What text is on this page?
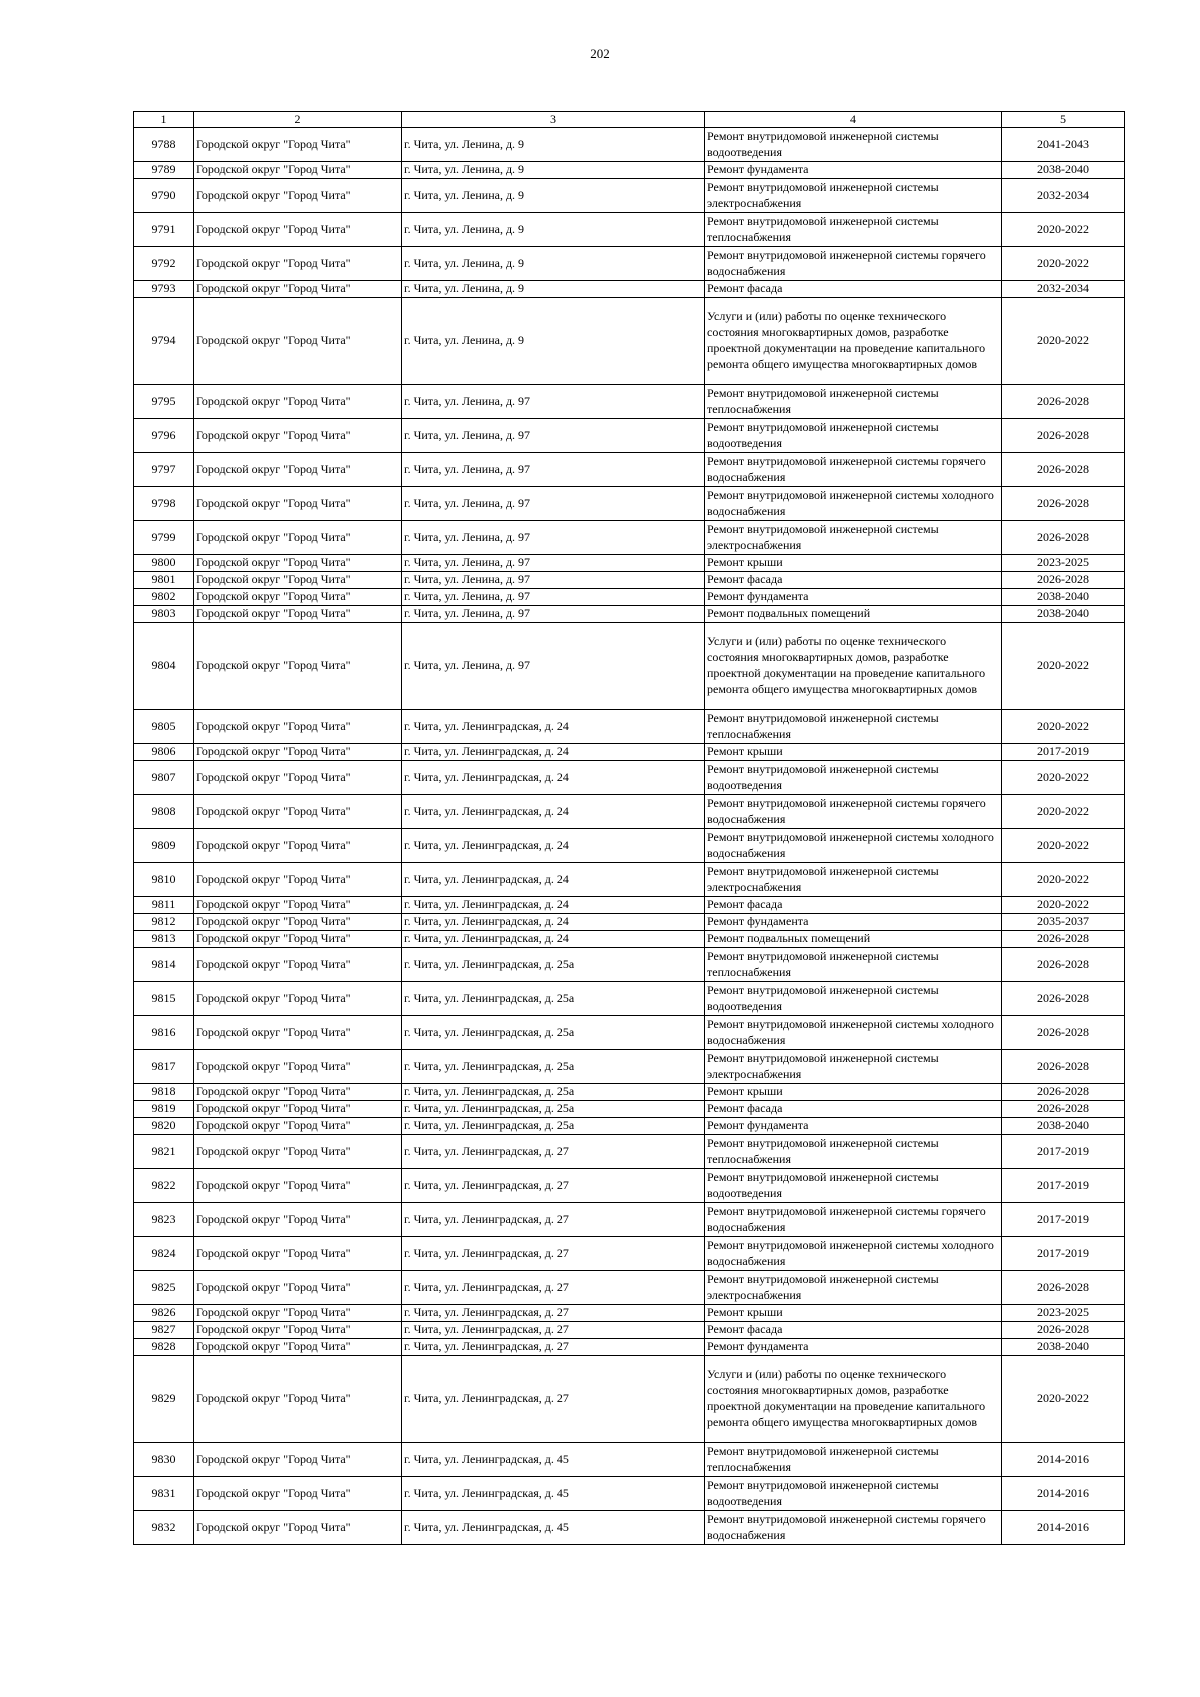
202
1	2	3	4	5
9788	Городской округ "Город Чита"	г. Чита, ул. Ленина, д. 9	Ремонт внутридомовой инженерной системы водоотведения	2041-2043
9789	Городской округ "Город Чита"	г. Чита, ул. Ленина, д. 9	Ремонт фундамента	2038-2040
9790	Городской округ "Город Чита"	г. Чита, ул. Ленина, д. 9	Ремонт внутридомовой инженерной системы электроснабжения	2032-2034
9791	Городской округ "Город Чита"	г. Чита, ул. Ленина, д. 9	Ремонт внутридомовой инженерной системы теплоснабжения	2020-2022
9792	Городской округ "Город Чита"	г. Чита, ул. Ленина, д. 9	Ремонт внутридомовой инженерной системы горячего водоснабжения	2020-2022
9793	Городской округ "Город Чита"	г. Чита, ул. Ленина, д. 9	Ремонт фасада	2032-2034
9794	Городской округ "Город Чита"	г. Чита, ул. Ленина, д. 9	Услуги и (или) работы по оценке технического состояния многоквартирных домов, разработке проектной документации на проведение капитального ремонта общего имущества многоквартирных домов	2020-2022
9795	Городской округ "Город Чита"	г. Чита, ул. Ленина, д. 97	Ремонт внутридомовой инженерной системы теплоснабжения	2026-2028
9796	Городской округ "Город Чита"	г. Чита, ул. Ленина, д. 97	Ремонт внутридомовой инженерной системы водоотведения	2026-2028
9797	Городской округ "Город Чита"	г. Чита, ул. Ленина, д. 97	Ремонт внутридомовой инженерной системы горячего водоснабжения	2026-2028
9798	Городской округ "Город Чита"	г. Чита, ул. Ленина, д. 97	Ремонт внутридомовой инженерной системы холодного водоснабжения	2026-2028
9799	Городской округ "Город Чита"	г. Чита, ул. Ленина, д. 97	Ремонт внутридомовой инженерной системы электроснабжения	2026-2028
9800	Городской округ "Город Чита"	г. Чита, ул. Ленина, д. 97	Ремонт крыши	2023-2025
9801	Городской округ "Город Чита"	г. Чита, ул. Ленина, д. 97	Ремонт фасада	2026-2028
9802	Городской округ "Город Чита"	г. Чита, ул. Ленина, д. 97	Ремонт фундамента	2038-2040
9803	Городской округ "Город Чита"	г. Чита, ул. Ленина, д. 97	Ремонт подвальных помещений	2038-2040
9804	Городской округ "Город Чита"	г. Чита, ул. Ленина, д. 97	Услуги и (или) работы по оценке технического состояния многоквартирных домов, разработке проектной документации на проведение капитального ремонта общего имущества многоквартирных домов	2020-2022
9805	Городской округ "Город Чита"	г. Чита, ул. Ленинградская, д. 24	Ремонт внутридомовой инженерной системы теплоснабжения	2020-2022
9806	Городской округ "Город Чита"	г. Чита, ул. Ленинградская, д. 24	Ремонт крыши	2017-2019
9807	Городской округ "Город Чита"	г. Чита, ул. Ленинградская, д. 24	Ремонт внутридомовой инженерной системы водоотведения	2020-2022
9808	Городской округ "Город Чита"	г. Чита, ул. Ленинградская, д. 24	Ремонт внутридомовой инженерной системы горячего водоснабжения	2020-2022
9809	Городской округ "Город Чита"	г. Чита, ул. Ленинградская, д. 24	Ремонт внутридомовой инженерной системы холодного водоснабжения	2020-2022
9810	Городской округ "Город Чита"	г. Чита, ул. Ленинградская, д. 24	Ремонт внутридомовой инженерной системы электроснабжения	2020-2022
9811	Городской округ "Город Чита"	г. Чита, ул. Ленинградская, д. 24	Ремонт фасада	2020-2022
9812	Городской округ "Город Чита"	г. Чита, ул. Ленинградская, д. 24	Ремонт фундамента	2035-2037
9813	Городской округ "Город Чита"	г. Чита, ул. Ленинградская, д. 24	Ремонт подвальных помещений	2026-2028
9814	Городской округ "Город Чита"	г. Чита, ул. Ленинградская, д. 25а	Ремонт внутридомовой инженерной системы теплоснабжения	2026-2028
9815	Городской округ "Город Чита"	г. Чита, ул. Ленинградская, д. 25а	Ремонт внутридомовой инженерной системы водоотведения	2026-2028
9816	Городской округ "Город Чита"	г. Чита, ул. Ленинградская, д. 25а	Ремонт внутридомовой инженерной системы холодного водоснабжения	2026-2028
9817	Городской округ "Город Чита"	г. Чита, ул. Ленинградская, д. 25а	Ремонт внутридомовой инженерной системы электроснабжения	2026-2028
9818	Городской округ "Город Чита"	г. Чита, ул. Ленинградская, д. 25а	Ремонт крыши	2026-2028
9819	Городской округ "Город Чита"	г. Чита, ул. Ленинградская, д. 25а	Ремонт фасада	2026-2028
9820	Городской округ "Город Чита"	г. Чита, ул. Ленинградская, д. 25а	Ремонт фундамента	2038-2040
9821	Городской округ "Город Чита"	г. Чита, ул. Ленинградская, д. 27	Ремонт внутридомовой инженерной системы теплоснабжения	2017-2019
9822	Городской округ "Город Чита"	г. Чита, ул. Ленинградская, д. 27	Ремонт внутридомовой инженерной системы водоотведения	2017-2019
9823	Городской округ "Город Чита"	г. Чита, ул. Ленинградская, д. 27	Ремонт внутридомовой инженерной системы горячего водоснабжения	2017-2019
9824	Городской округ "Город Чита"	г. Чита, ул. Ленинградская, д. 27	Ремонт внутридомовой инженерной системы холодного водоснабжения	2017-2019
9825	Городской округ "Город Чита"	г. Чита, ул. Ленинградская, д. 27	Ремонт внутридомовой инженерной системы электроснабжения	2026-2028
9826	Городской округ "Город Чита"	г. Чита, ул. Ленинградская, д. 27	Ремонт крыши	2023-2025
9827	Городской округ "Город Чита"	г. Чита, ул. Ленинградская, д. 27	Ремонт фасада	2026-2028
9828	Городской округ "Город Чита"	г. Чита, ул. Ленинградская, д. 27	Ремонт фундамента	2038-2040
9829	Городской округ "Город Чита"	г. Чита, ул. Ленинградская, д. 27	Услуги и (или) работы по оценке технического состояния многоквартирных домов, разработке проектной документации на проведение капитального ремонта общего имущества многоквартирных домов	2020-2022
9830	Городской округ "Город Чита"	г. Чита, ул. Ленинградская, д. 45	Ремонт внутридомовой инженерной системы теплоснабжения	2014-2016
9831	Городской округ "Город Чита"	г. Чита, ул. Ленинградская, д. 45	Ремонт внутридомовой инженерной системы водоотведения	2014-2016
9832	Городской округ "Город Чита"	г. Чита, ул. Ленинградская, д. 45	Ремонт внутридомовой инженерной системы горячего водоснабжения	2014-2016
